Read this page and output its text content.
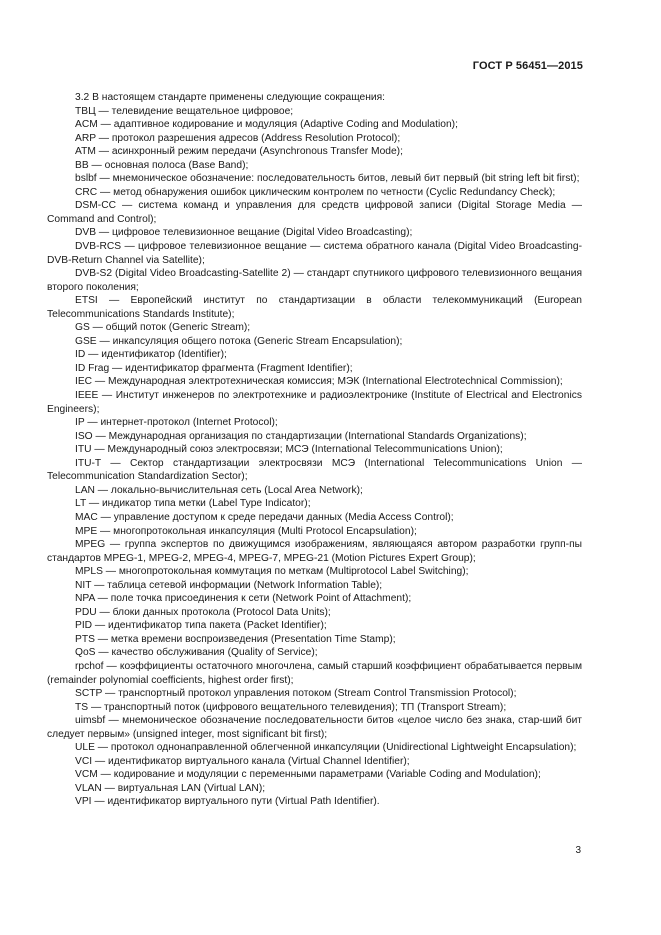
ГОСТ Р 56451—2015

3.2 В настоящем стандарте применены следующие сокращения:

ТВЦ — телевидение вещательное цифровое;

ACM — адаптивное кодирование и модуляция (Adaptive Coding and Modulation);

ARP — протокол разрешения адресов (Address Resolution Protocol);

ATM — асинхронный режим передачи (Asynchronous Transfer Mode);

BB — основная полоса (Base Band);

bslbf — мнемоническое обозначение: последовательность битов, левый бит первый (bit string left bit first);

CRC — метод обнаружения ошибок циклическим контролем по четности (Cyclic Redundancy Check);

DSM-CC — система команд и управления для средств цифровой записи (Digital Storage Media — Command and Control);

DVB — цифровое телевизионное вещание (Digital Video Broadcasting);

DVB-RCS — цифровое телевизионное вещание — система обратного канала (Digital Video Broadcasting-DVB-Return Channel via Satellite);

DVB-S2 (Digital Video Broadcasting-Satellite 2) — стандарт спутникого цифрового телевизионного вещания второго поколения;

ETSI — Европейский институт по стандартизации в области телекоммуникаций (European Telecommunications Standards Institute);

GS — общий поток (Generic Stream);

GSE — инкапсуляция общего потока (Generic Stream Encapsulation);

ID — идентификатор (Identifier);

ID Frag — идентификатор фрагмента (Fragment Identifier);

IEC — Международная электротехническая комиссия; МЭК (International Electrotechnical Commission);

IEEE — Институт инженеров по электротехнике и радиоэлектронике (Institute of Electrical and Electronics Engineers);

IP — интернет-протокол (Internet Protocol);

ISO — Международная организация по стандартизации (International Standards Organizations);

ITU — Международный союз электросвязи; МСЭ (International Telecommunications Union);

ITU-T — Сектор стандартизации электросвязи МСЭ (International Telecommunications Union — Telecommunication Standardization Sector);

LAN — локально-вычислительная сеть (Local Area Network);

LT — индикатор типа метки (Label Type Indicator);

MAC — управление доступом к среде передачи данных (Media Access Control);

MPE — многопротокольная инкапсуляция (Multi Protocol Encapsulation);

MPEG — группа экспертов по движущимся изображениям, являющаяся автором разработки групп-пы стандартов MPEG-1, MPEG-2, MPEG-4, MPEG-7, MPEG-21 (Motion Pictures Expert Group);

MPLS — многопротокольная коммутация по меткам (Multiprotocol Label Switching);

NIT — таблица сетевой информации (Network Information Table);

NPA — поле точка присоединения к сети (Network Point of Attachment);

PDU — блоки данных протокола (Protocol Data Units);

PID — идентификатор типа пакета (Packet Identifier);

PTS — метка времени воспроизведения (Presentation Time Stamp);

QoS — качество обслуживания (Quality of Service);

rpchof — коэффициенты остаточного многочлена, самый старший коэффициент обрабатывается первым (remainder polynomial coefficients, highest order first);

SCTP — транспортный протокол управления потоком (Stream Control Transmission Protocol);

TS — транспортный поток (цифрового вещательного телевидения); ТП (Transport Stream);

uimsbf — мнемоническое обозначение последовательности битов «целое число без знака, стар-ший бит следует первым» (unsigned integer, most significant bit first);

ULE — протокол однонаправленной облегченной инкапсуляции (Unidirectional Lightweight Encapsulation);

VCI — идентификатор виртуального канала (Virtual Channel Identifier);

VCM — кодирование и модуляции с переменными параметрами (Variable Coding and Modulation);

VLAN — виртуальная LAN (Virtual LAN);

VPI — идентификатор виртуального пути (Virtual Path Identifier).

3
